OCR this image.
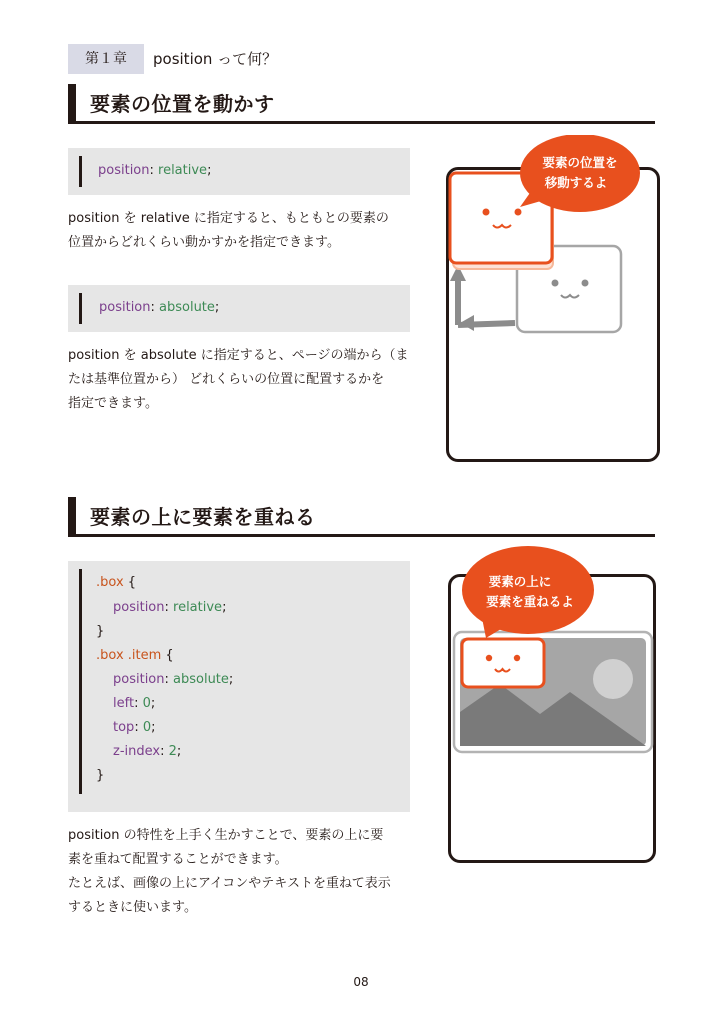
第１章	position って何？
要素の位置を動かす
position: relative;
position を relative に指定すると、もともとの要素の
位置からどれくらい動かすかを指定できます。
position: absolute;
position を absolute に指定すると、ページの端から（ま
たは基準位置から） どれくらいの位置に配置するかを
指定できます。
要素の位置を
移動するよ
要素の上に要素を重ねる
.box {
position: relative;
}
.box .item {
position: absolute;
left: 0;
top: 0;
z-index: 2;
}
position の特性を上手く生かすことで、要素の上に要
素を重ねて配置することができます。
たとえば、画像の上にアイコンやテキストを重ねて表示
するときに使います。
要素の上に
要素を重ねるよ
08
